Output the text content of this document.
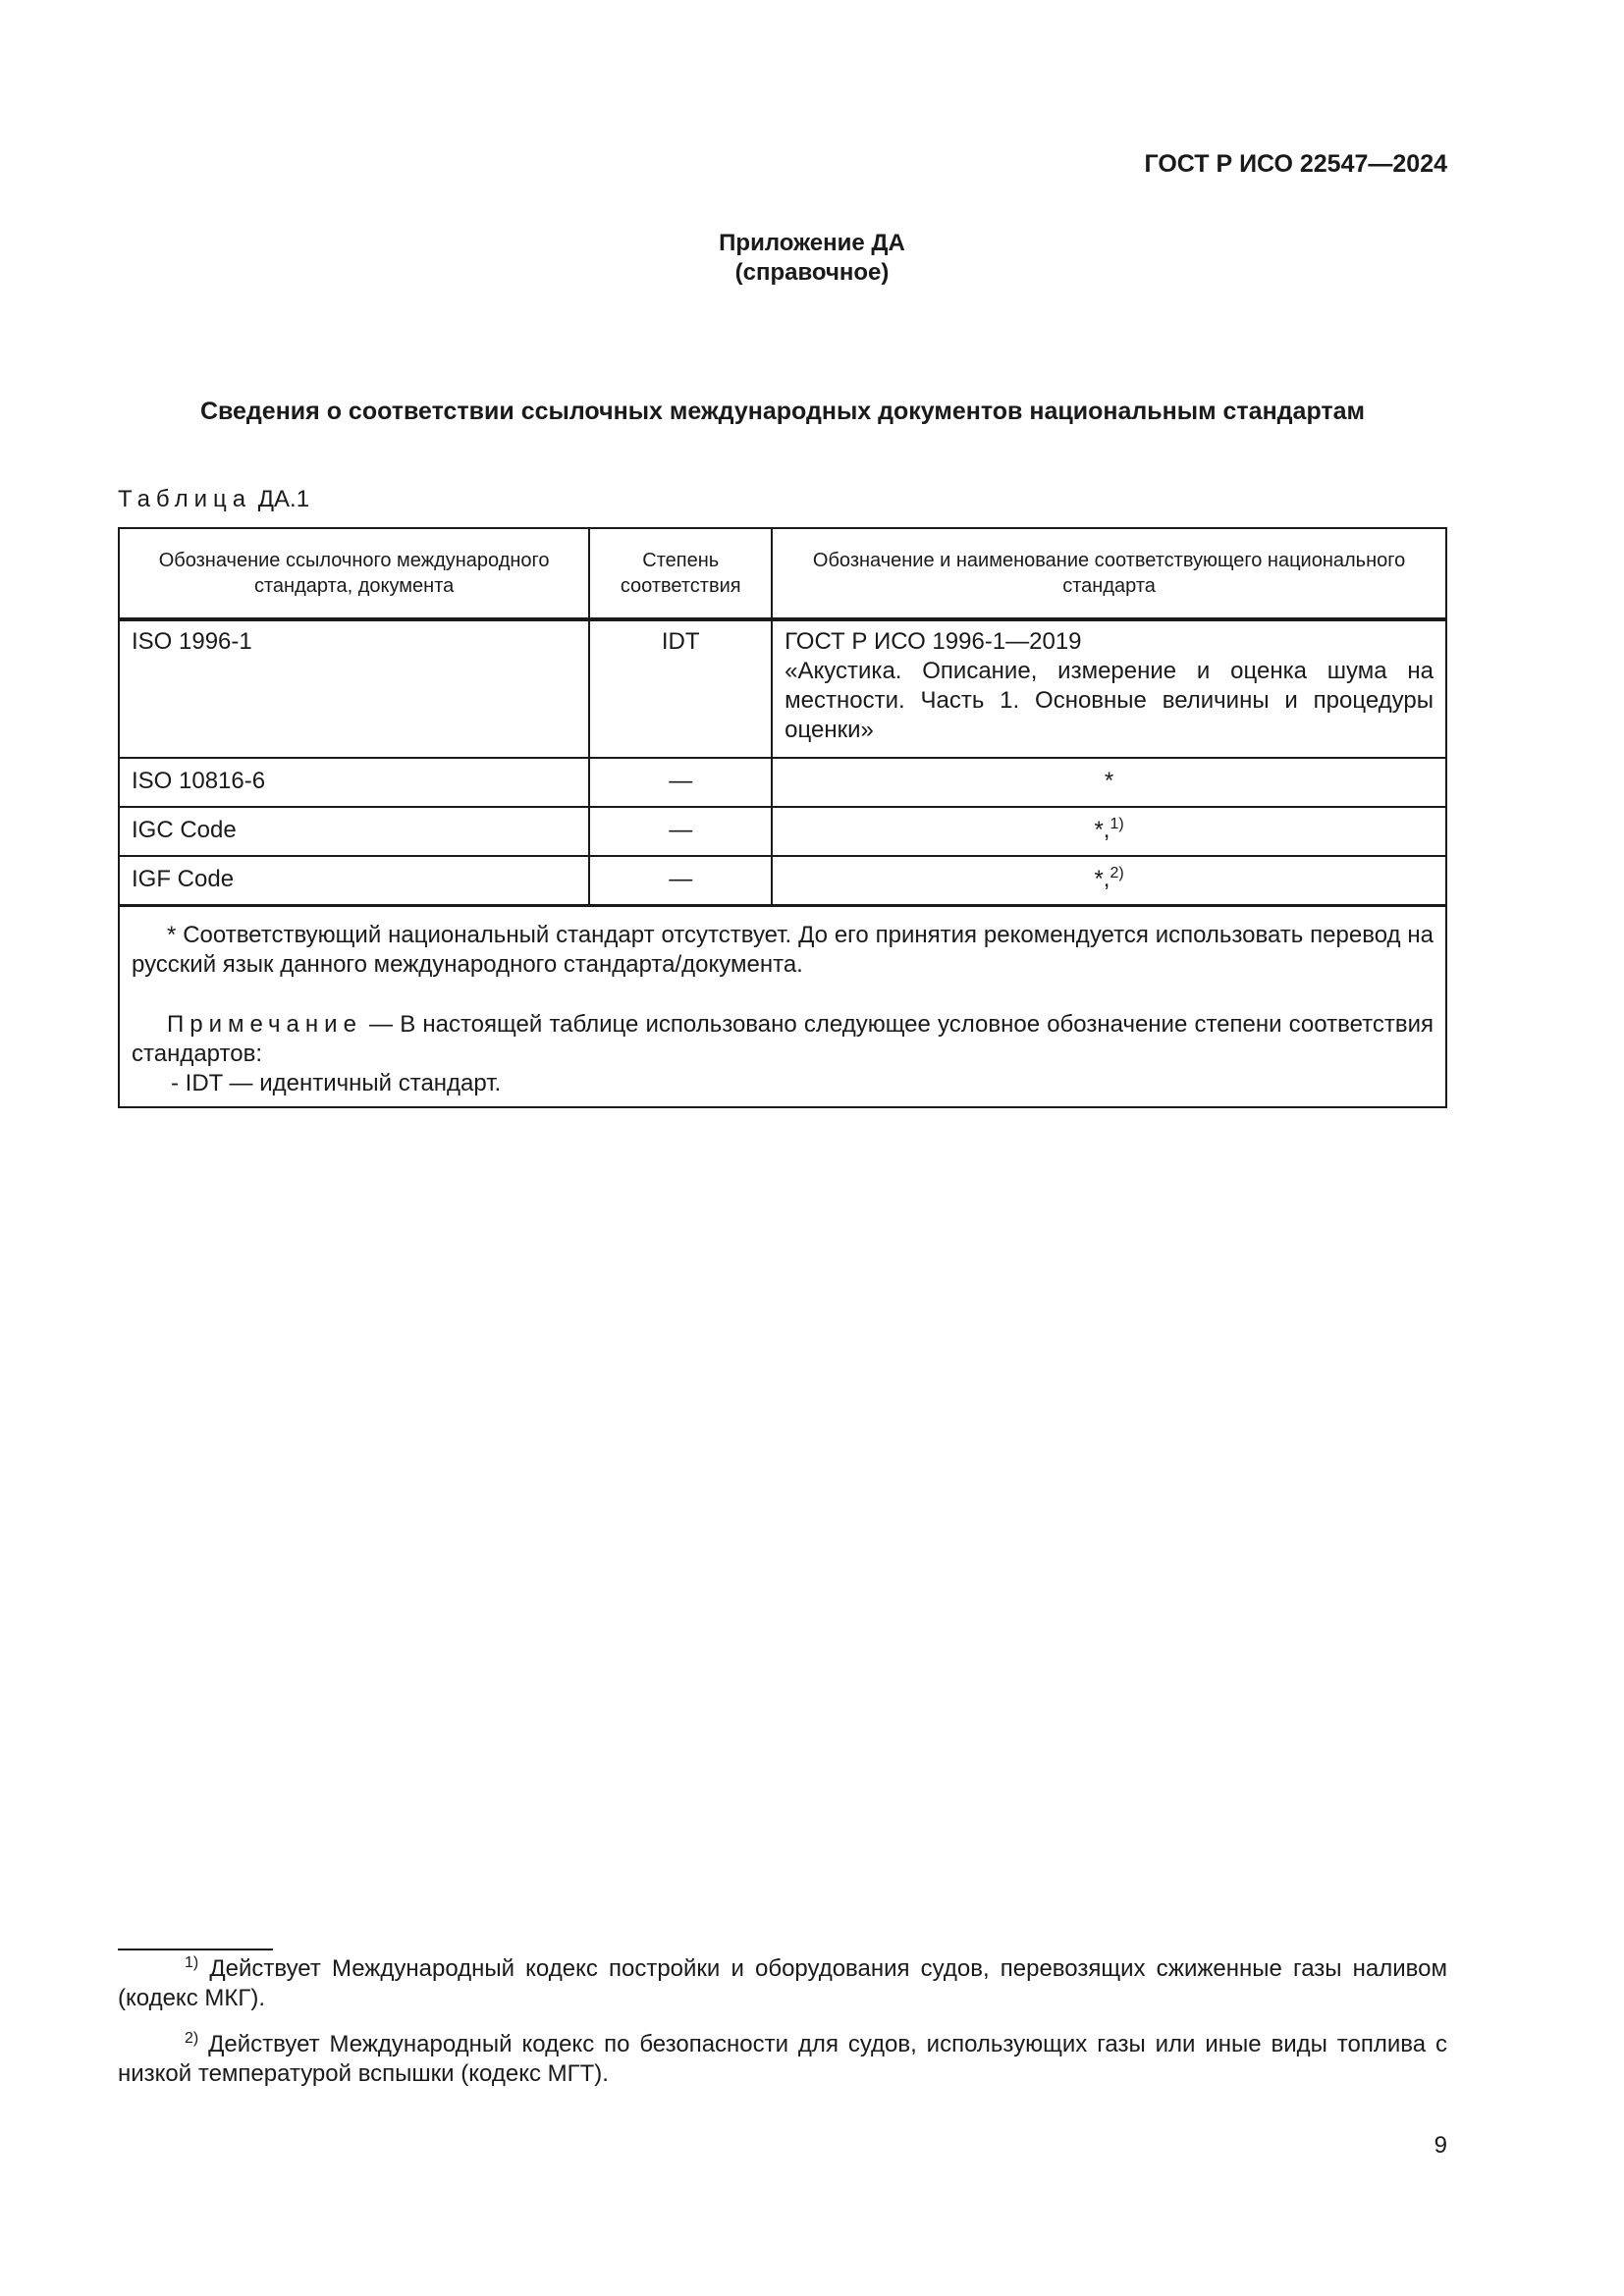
ГОСТ Р ИСО 22547—2024
Приложение ДА
(справочное)
Сведения о соответствии ссылочных международных документов национальным стандартам
Таблица ДА.1
Обозначение ссылочного международного стандарта, документа	Степень соответствия	Обозначение и наименование соответствующего национального стандарта
ISO 1996-1	IDT	ГОСТ Р ИСО 1996-1—2019
«Акустика. Описание, измерение и оценка шума на местности. Часть 1. Основные величины и процедуры оценки»

ISO 10816-6	—	*
IGC Code	—	*,$^{1)}$
IGF Code	—	*,$^{2)}$

* Соответствующий национальный стандарт отсутствует. До его принятия рекомендуется использовать перевод на русский язык данного международного стандарта/документа.

Примечание — В настоящей таблице использовано следующее условное обозначение степени соответствия стандартов:

- IDT — идентичный стандарт.		

$^{1)}$ Действует Международный кодекс постройки и оборудования судов, перевозящих сжиженные газы наливом (кодекс МКГ).
$^{2)}$ Действует Международный кодекс по безопасности для судов, использующих газы или иные виды топлива с низкой температурой вспышки (кодекс МГТ).
9
